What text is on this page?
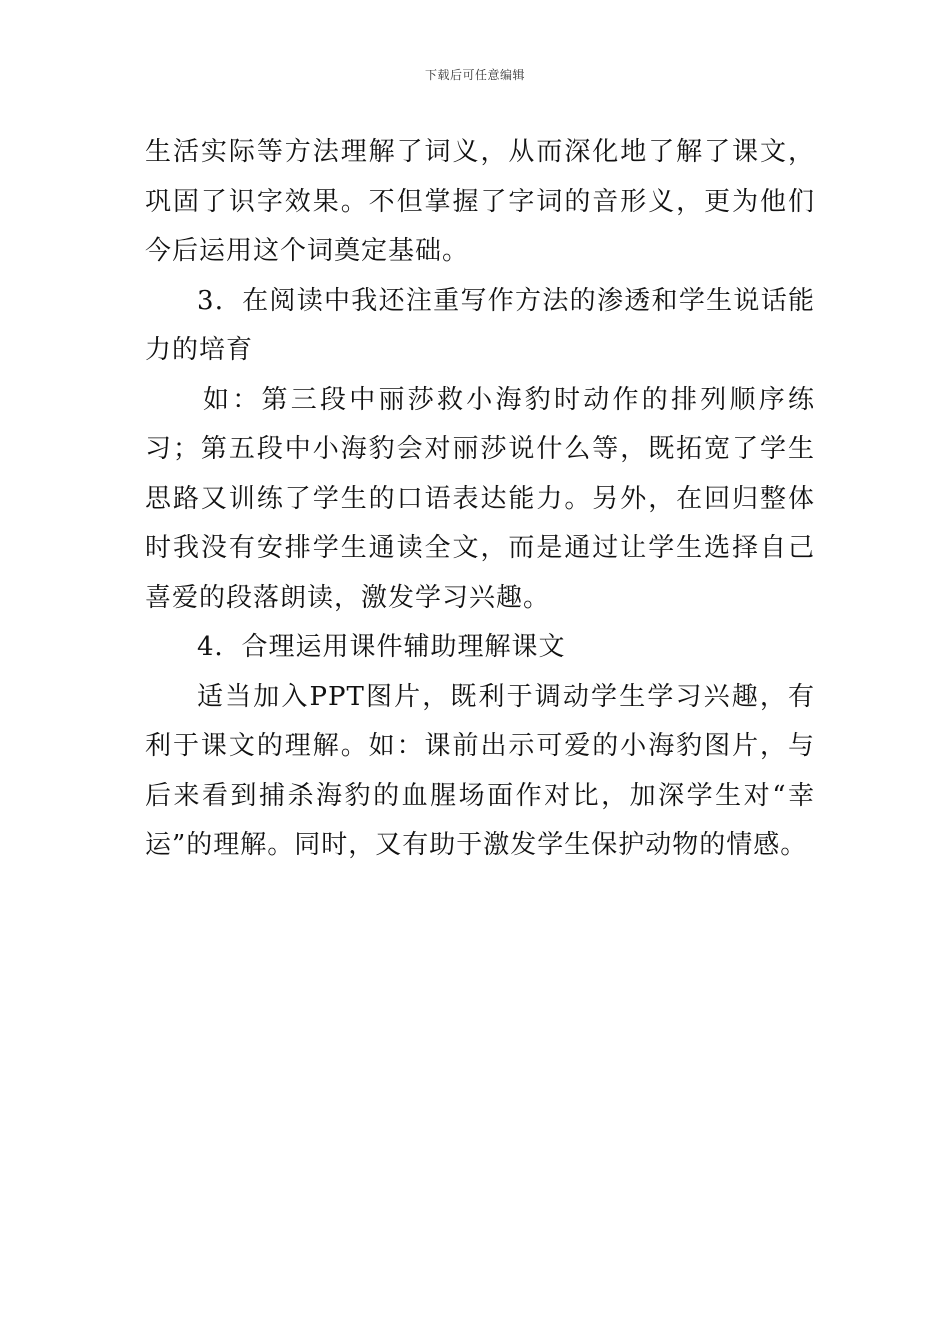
下载后可任意编辑

生活实际等方法理解了词义，从而深化地了解了课文，巩固了识字效果。不但掌握了字词的音形义，更为他们今后运用这个词奠定基础。

3．在阅读中我还注重写作方法的渗透和学生说话能力的培育

如：第三段中丽莎救小海豹时动作的排列顺序练习；第五段中小海豹会对丽莎说什么等，既拓宽了学生思路又训练了学生的口语表达能力。另外，在回归整体时我没有安排学生通读全文，而是通过让学生选择自己喜爱的段落朗读，激发学习兴趣。

4．合理运用课件辅助理解课文

适当加入PPT图片，既利于调动学生学习兴趣，有利于课文的理解。如：课前出示可爱的小海豹图片，与后来看到捕杀海豹的血腥场面作对比，加深学生对“幸运”的理解。同时，又有助于激发学生保护动物的情感。
